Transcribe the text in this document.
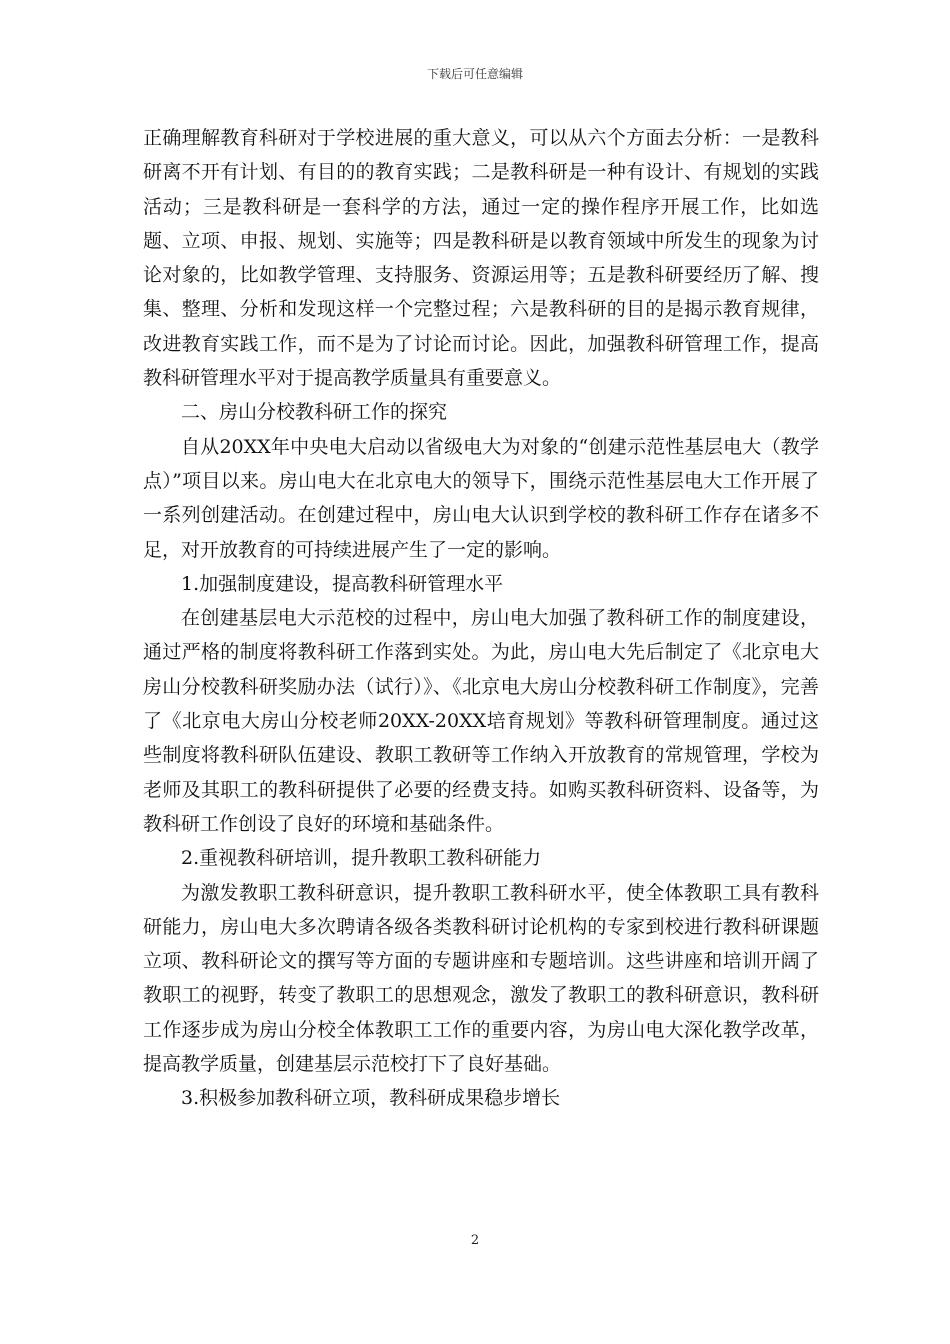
下载后可任意编辑

正确理解教育科研对于学校进展的重大意义，可以从六个方面去分析：一是教科研离不开有计划、有目的的教育实践；二是教科研是一种有设计、有规划的实践活动；三是教科研是一套科学的方法，通过一定的操作程序开展工作，比如选题、立项、申报、规划、实施等；四是教科研是以教育领域中所发生的现象为讨论对象的，比如教学管理、支持服务、资源运用等；五是教科研要经历了解、搜集、整理、分析和发现这样一个完整过程；六是教科研的目的是揭示教育规律，改进教育实践工作，而不是为了讨论而讨论。因此，加强教科研管理工作，提高教科研管理水平对于提高教学质量具有重要意义。

二、房山分校教科研工作的探究

自从20XX年中央电大启动以省级电大为对象的“创建示范性基层电大（教学点）”项目以来。房山电大在北京电大的领导下，围绕示范性基层电大工作开展了一系列创建活动。在创建过程中，房山电大认识到学校的教科研工作存在诸多不足，对开放教育的可持续进展产生了一定的影响。

1.加强制度建设，提高教科研管理水平

在创建基层电大示范校的过程中，房山电大加强了教科研工作的制度建设，通过严格的制度将教科研工作落到实处。为此，房山电大先后制定了《北京电大房山分校教科研奖励办法（试行）》、《北京电大房山分校教科研工作制度》，完善了《北京电大房山分校老师20XX-20XX培育规划》等教科研管理制度。通过这些制度将教科研队伍建设、教职工教研等工作纳入开放教育的常规管理，学校为老师及其职工的教科研提供了必要的经费支持。如购买教科研资料、设备等，为教科研工作创设了良好的环境和基础条件。

2.重视教科研培训，提升教职工教科研能力

为激发教职工教科研意识，提升教职工教科研水平，使全体教职工具有教科研能力，房山电大多次聘请各级各类教科研讨论机构的专家到校进行教科研课题立项、教科研论文的撰写等方面的专题讲座和专题培训。这些讲座和培训开阔了教职工的视野，转变了教职工的思想观念，激发了教职工的教科研意识，教科研工作逐步成为房山分校全体教职工工作的重要内容，为房山电大深化教学改革，提高教学质量，创建基层示范校打下了良好基础。

3.积极参加教科研立项，教科研成果稳步增长

2
